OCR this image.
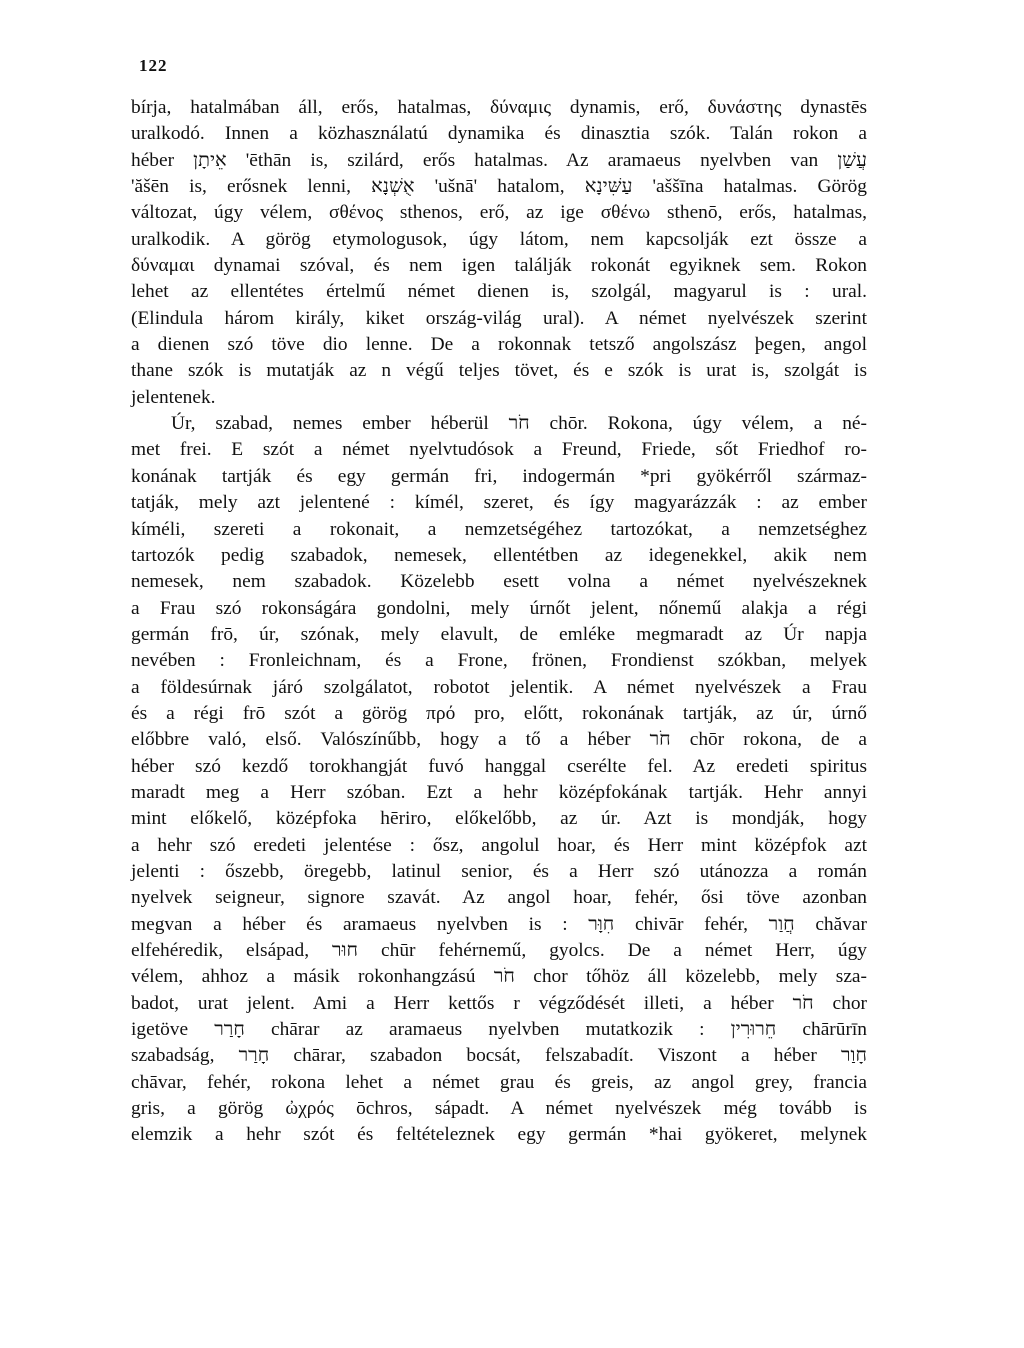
122
bírja, hatalmában áll, erős, hatalmas, δύναμις dynamis, erő, δυνάστης dynastēs
uralkodó. Innen a közhasználatú dynamika és dinasztia szók. Talán rokon a
héber אֵיתָן 'ēthān is, szilárd, erős hatalmas. Az aramaeus nyelvben van עֲשַׁן
'ăšēn is, erősnek lenni, אֻשְׁנָא 'ušnā' hatalom, עַשִּׁינָא 'aššīna hatalmas. Görög
változat, úgy vélem, σθένος sthenos, erő, az ige σθένω sthenō, erős, hatalmas,
uralkodik. A görög etymologusok, úgy látom, nem kapcsolják ezt össze a
δύναμαι dynamai szóval, és nem igen találják rokonát egyiknek sem. Rokon
lehet az ellentétes értelmű német dienen is, szolgál, magyarul is : ural.
(Elindula három király, kiket ország-világ ural). A német nyelvészek szerint
a dienen szó töve dio lenne. De a rokonnak tetsző angolszász þegen, angol
thane szók is mutatják az n végű teljes tövet, és e szók is urat is, szolgát is
jelentenek.
Úr, szabad, nemes ember héberül חֹר chōr. Rokona, úgy vélem, a né-
met frei. E szót a német nyelvtudósok a Freund, Friede, sőt Friedhof ro-
konának tartják és egy germán fri, indogermán *pri gyökérről származ-
tatják, mely azt jelentené : kímél, szeret, és így magyarázzák : az ember
kíméli, szereti a rokonait, a nemzetségéhez tartozókat, a nemzetséghez
tartozók pedig szabadok, nemesek, ellentétben az idegenekkel, akik nem
nemesek, nem szabadok. Közelebb esett volna a német nyelvészeknek
a Frau szó rokonságára gondolni, mely úrnőt jelent, nőnemű alakja a régi
germán frō, úr, szónak, mely elavult, de emléke megmaradt az Úr napja
nevében : Fronleichnam, és a Frone, frönen, Frondienst szókban, melyek
a földesúrnak járó szolgálatot, robotot jelentik. A német nyelvészek a Frau
és a régi frō szót a görög πρό pro, előtt, rokonának tartják, az úr, úrnő
előbbre való, első. Valószínűbb, hogy a tő a héber חֹר chōr rokona, de a
héber szó kezdő torokhangját fuvó hanggal cserélte fel. Az eredeti spiritus
maradt meg a Herr szóban. Ezt a hehr középfokának tartják. Hehr annyi
mint előkelő, középfoka hēriro, előkelőbb, az úr. Azt is mondják, hogy
a hehr szó eredeti jelentése : ősz, angolul hoar, és Herr mint középfok azt
jelenti : őszebb, öregebb, latinul senior, és a Herr szó utánozza a román
nyelvek seigneur, signore szavát. Az angol hoar, fehér, ősi töve azonban
megvan a héber és aramaeus nyelvben is : חִוָּר chivār fehér, חֲוַר chăvar
elfehéredik, elsápad, חוּר chūr fehérnemű, gyolcs. De a német Herr, úgy
vélem, ahhoz a másik rokonhangzású חֹר chor tőhöz áll közelebb, mely sza-
badot, urat jelent. Ami a Herr kettős r végződését illeti, a héber חֹר chor
igetöve חָרַר chārar az aramaeus nyelvben mutatkozik : חֵרוּרִין chārūrīn
szabadság, חָרַר chārar, szabadon bocsát, felszabadít. Viszont a héber חָוַר
chāvar, fehér, rokona lehet a német grau és greis, az angol grey, francia
gris, a görög ὠχρός ōchros, sápadt. A német nyelvészek még tovább is
elemzik a hehr szót és feltételeznek egy germán *hai gyökeret, melynek
